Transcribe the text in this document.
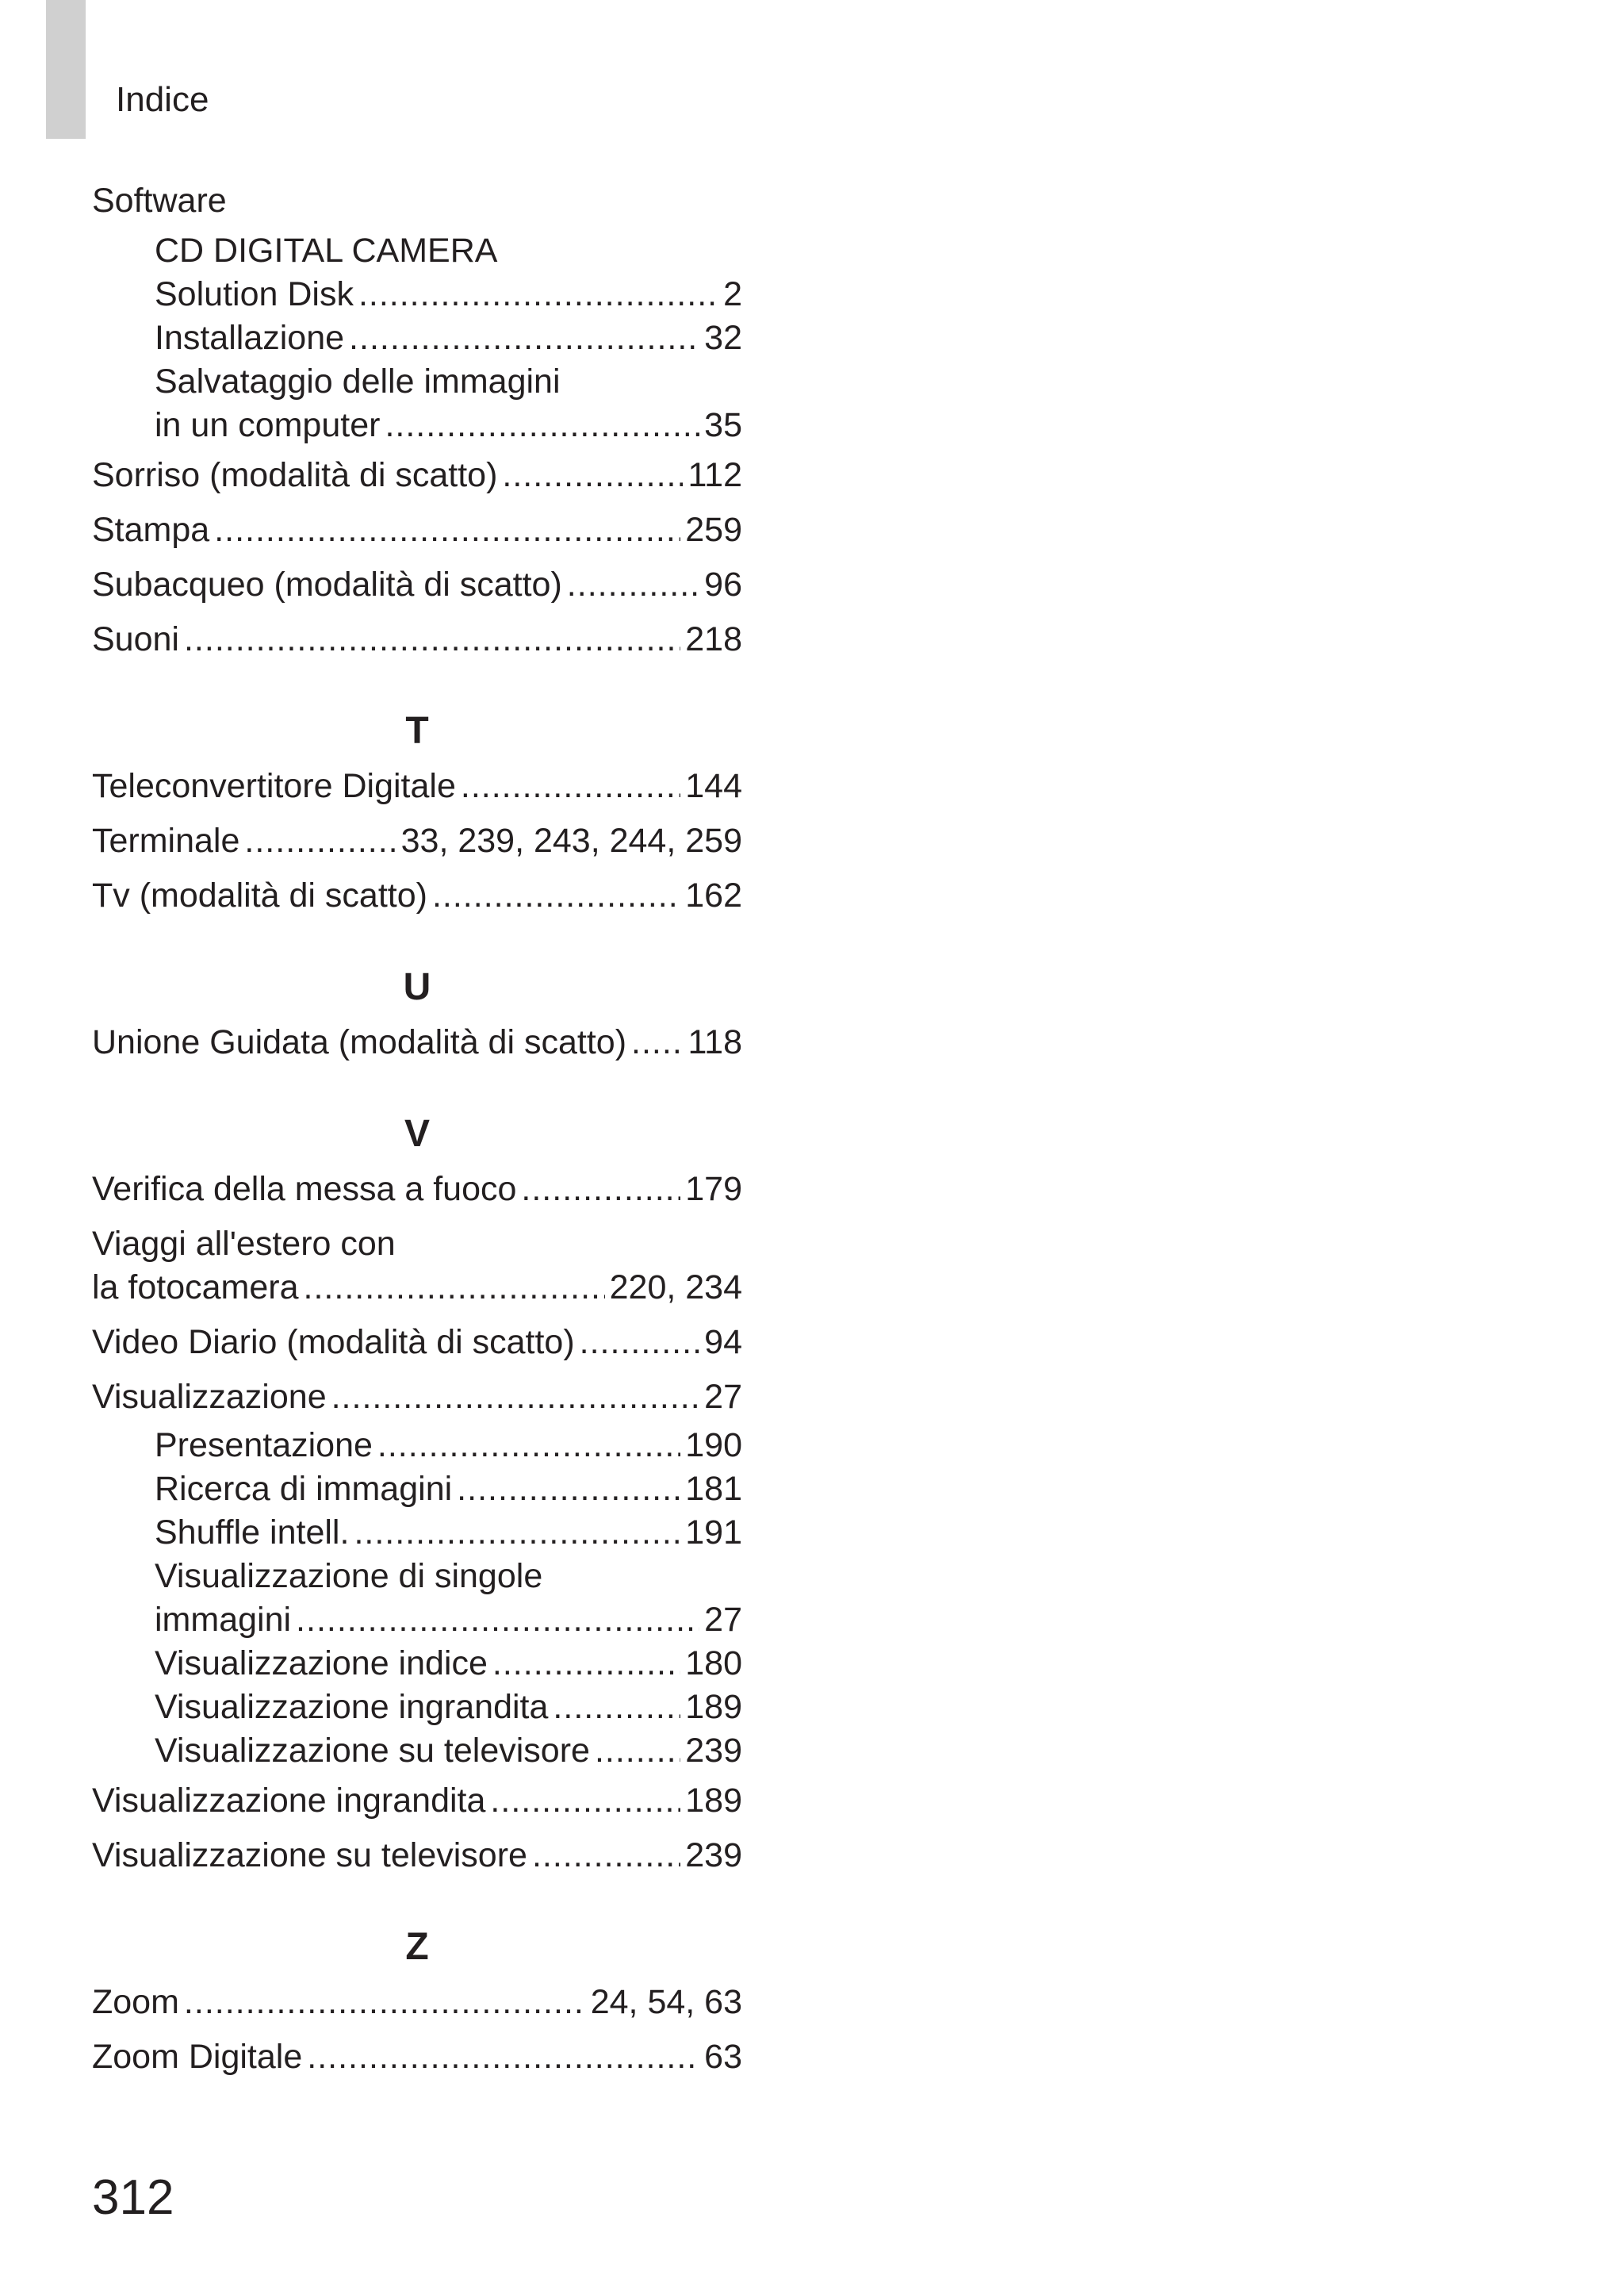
Indice
Software
CD DIGITAL CAMERA
Solution Disk .....	2
Installazione .....	32
Salvataggio delle immagini
in un computer .....	35
Sorriso (modalità di scatto) .....	112
Stampa .....	259
Subacqueo (modalità di scatto) .....	96
Suoni .....	218
T
Teleconvertitore Digitale .....	144
Terminale .....	33, 239, 243, 244, 259
Tv (modalità di scatto) .....	162
U
Unione Guidata (modalità di scatto) ..... 118
V
Verifica della messa a fuoco .....	179
Viaggi all'estero con
la fotocamera .....	220, 234
Video Diario (modalità di scatto) .....	94
Visualizzazione .....	27
Presentazione .....	190
Ricerca di immagini .....	181
Shuffle intell. .....	191
Visualizzazione di singole
immagini .....	27
Visualizzazione indice .....	180
Visualizzazione ingrandita .....	189
Visualizzazione su televisore .....	239
Visualizzazione ingrandita .....	189
Visualizzazione su televisore .....	239
Z
Zoom .....	24, 54, 63
Zoom Digitale .....	63
312
